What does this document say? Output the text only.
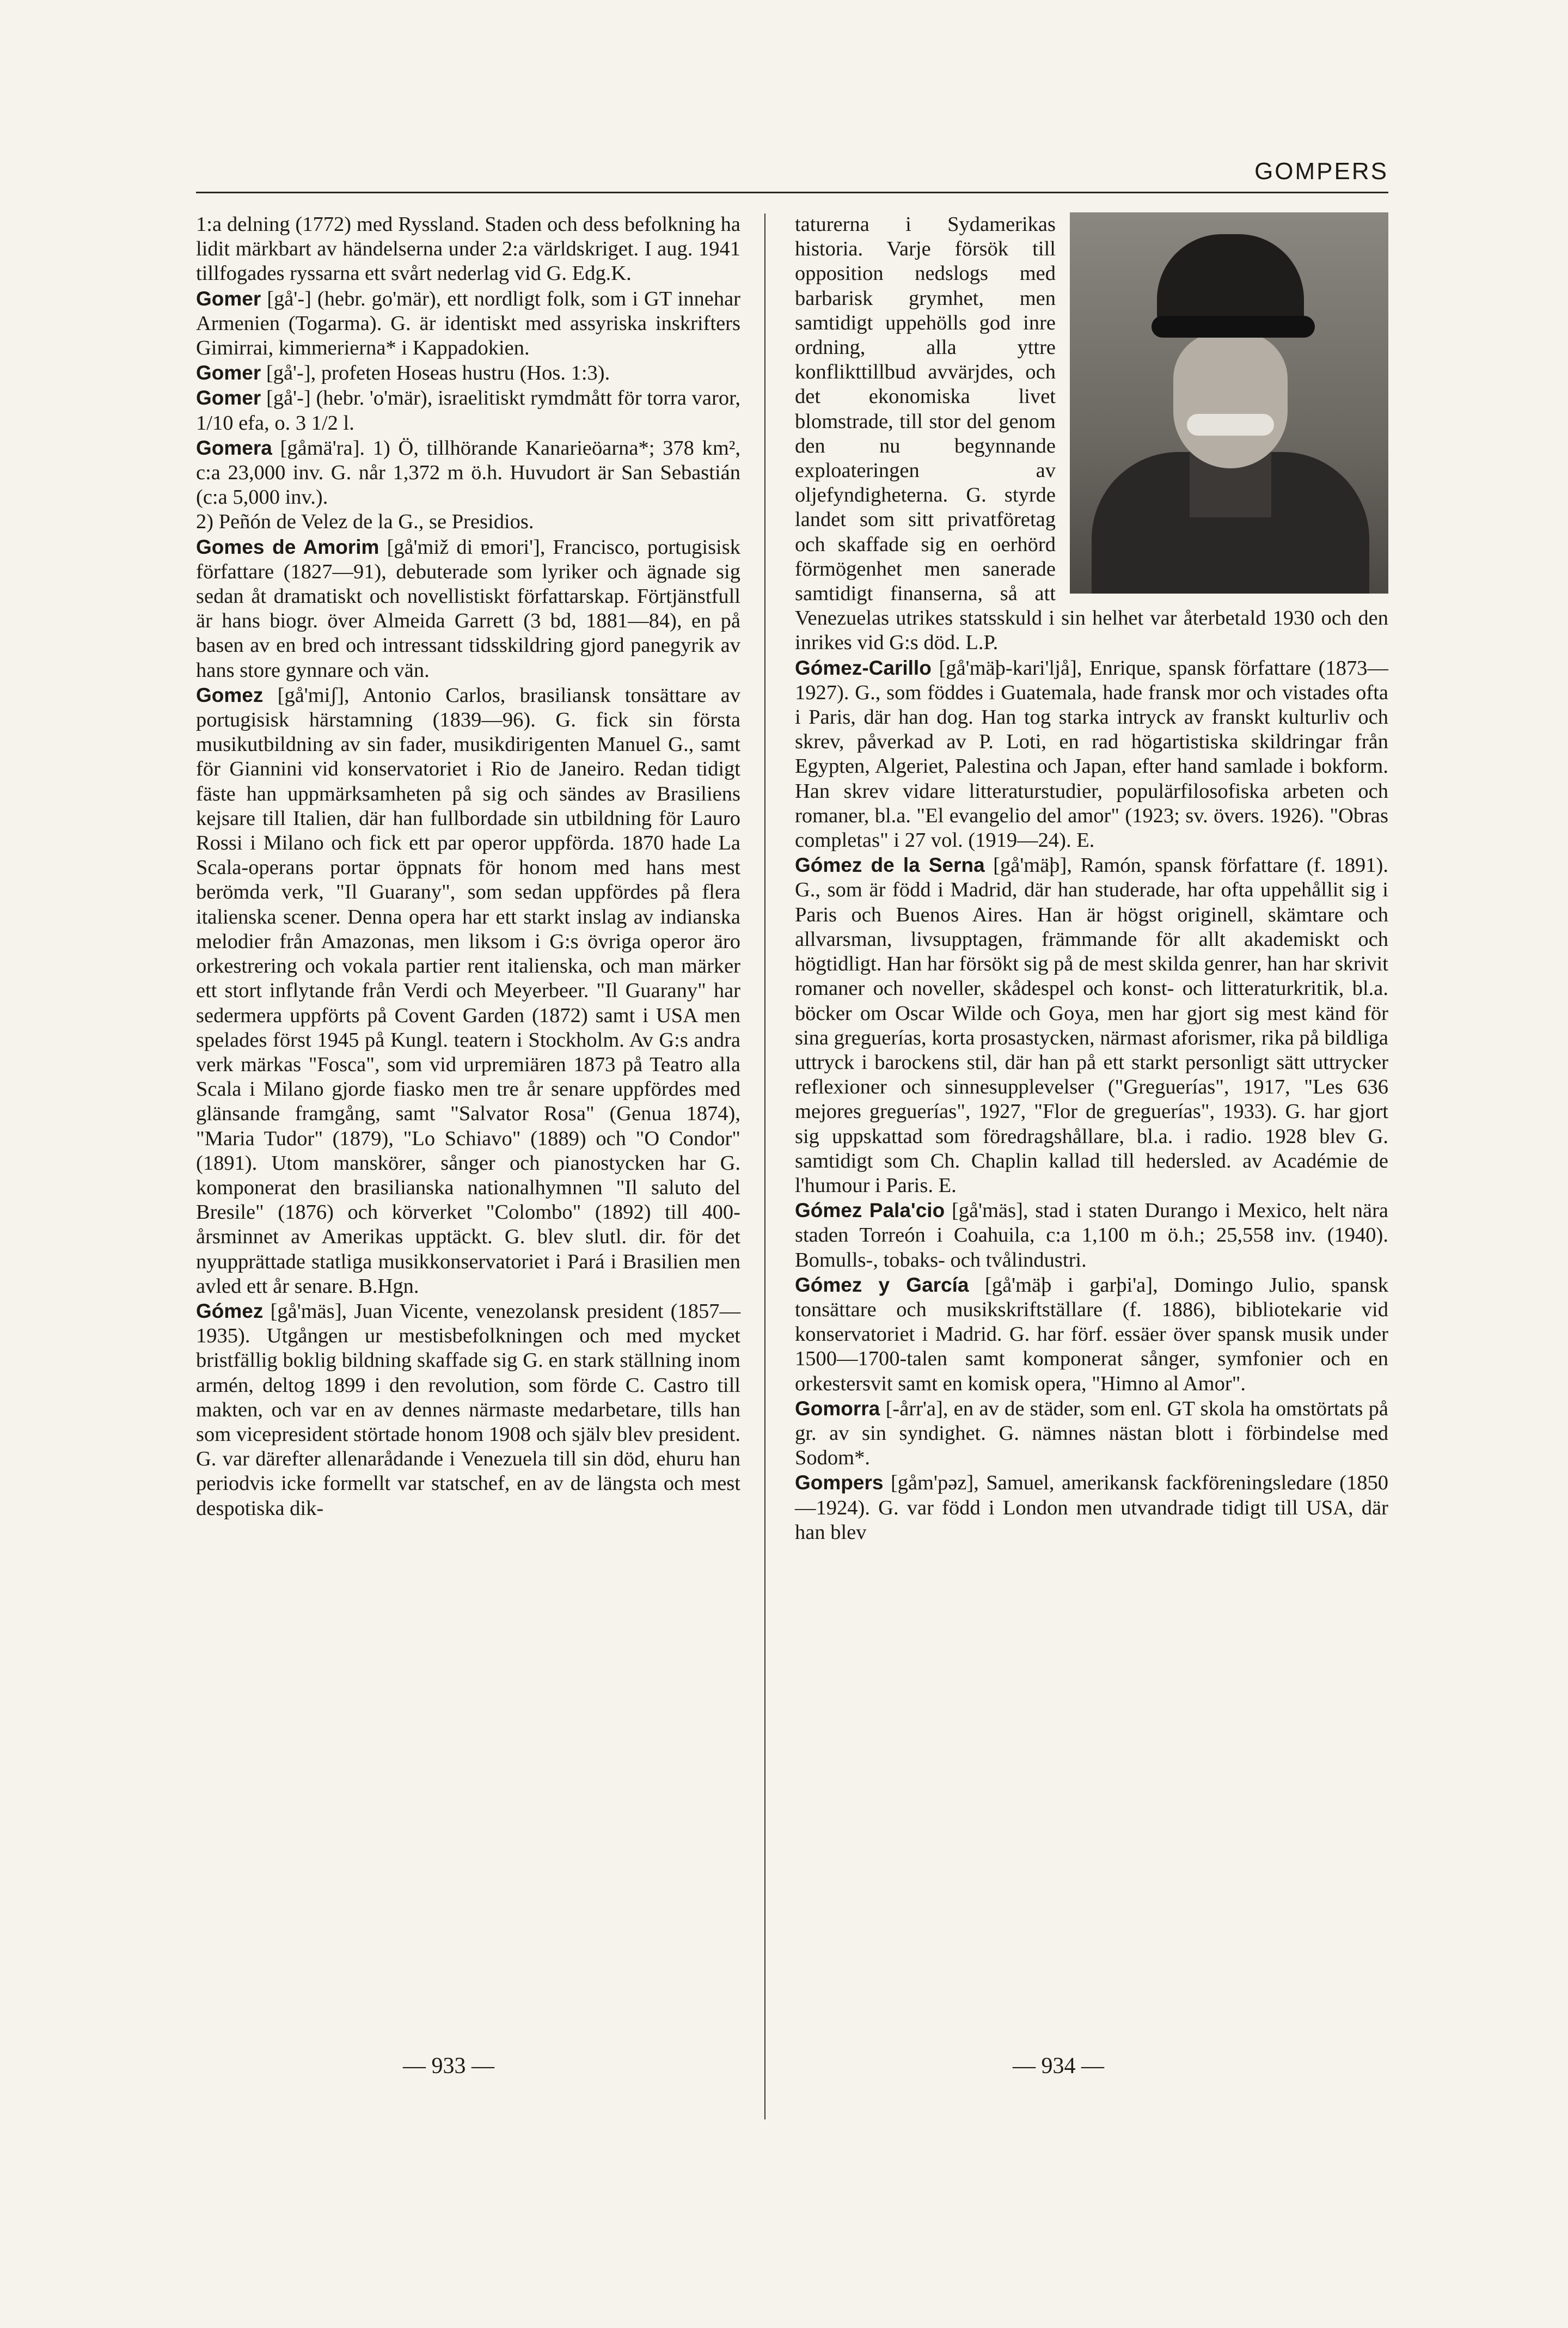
GOMPERS

1:a delning (1772) med Ryssland. Staden och dess befolkning ha lidit märkbart av händelserna under 2:a världskriget. I aug. 1941 tillfogades ryssarna ett svårt nederlag vid G. Edg.K.

Gomer [gå'-] (hebr. go'mär), ett nordligt folk, som i GT innehar Armenien (Togarma). G. är identiskt med assyriska inskrifters Gimirrai, kimmerierna* i Kappadokien.

Gomer [gå'-], profeten Hoseas hustru (Hos. 1:3).

Gomer [gå'-] (hebr. 'o'mär), israelitiskt rymdmått för torra varor, 1/10 efa, o. 3 1/2 l.

Gomera [gåmä'ra]. 1) Ö, tillhörande Kanarieöarna*; 378 km², c:a 23,000 inv. G. når 1,372 m ö.h. Huvudort är San Sebastián (c:a 5,000 inv.).

2) Peñón de Velez de la G., se Presidios.

Gomes de Amorim [gå'miž di ɐmori'], Francisco, portugisisk författare (1827—91), debuterade som lyriker och ägnade sig sedan åt dramatiskt och novellistiskt författarskap. Förtjänstfull är hans biogr. över Almeida Garrett (3 bd, 1881—84), en på basen av en bred och intressant tidsskildring gjord panegyrik av hans store gynnare och vän.

Gomez [gå'miʃ], Antonio Carlos, brasiliansk tonsättare av portugisisk härstamning (1839—96). G. fick sin första musikutbildning av sin fader, musikdirigenten Manuel G., samt för Giannini vid konservatoriet i Rio de Janeiro. Redan tidigt fäste han uppmärksamheten på sig och sändes av Brasiliens kejsare till Italien, där han fullbordade sin utbildning för Lauro Rossi i Milano och fick ett par operor uppförda. 1870 hade La Scala-operans portar öppnats för honom med hans mest berömda verk, "Il Guarany", som sedan uppfördes på flera italienska scener. Denna opera har ett starkt inslag av indianska melodier från Amazonas, men liksom i G:s övriga operor äro orkestrering och vokala partier rent italienska, och man märker ett stort inflytande från Verdi och Meyerbeer. "Il Guarany" har sedermera uppförts på Covent Garden (1872) samt i USA men spelades först 1945 på Kungl. teatern i Stockholm. Av G:s andra verk märkas "Fosca", som vid urpremiären 1873 på Teatro alla Scala i Milano gjorde fiasko men tre år senare uppfördes med glänsande framgång, samt "Salvator Rosa" (Genua 1874), "Maria Tudor" (1879), "Lo Schiavo" (1889) och "O Condor" (1891). Utom manskörer, sånger och pianostycken har G. komponerat den brasilianska nationalhymnen "Il saluto del Bresile" (1876) och körverket "Colombo" (1892) till 400-årsminnet av Amerikas upptäckt. G. blev slutl. dir. för det nyupprättade statliga musikkonservatoriet i Pará i Brasilien men avled ett år senare. B.Hgn.

Gómez [gå'mäs], Juan Vicente, venezolansk president (1857—1935). Utgången ur mestisbefolkningen och med mycket bristfällig boklig bildning skaffade sig G. en stark ställning inom armén, deltog 1899 i den revolution, som förde C. Castro till makten, och var en av dennes närmaste medarbetare, tills han som vicepresident störtade honom 1908 och själv blev president. G. var därefter allenarådande i Venezuela till sin död, ehuru han periodvis icke formellt var statschef, en av de längsta och mest despotiska dik-

taturerna i Sydamerikas historia. Varje försök till opposition nedslogs med barbarisk grymhet, men samtidigt uppehölls god inre ordning, alla yttre konflikttillbud avvärjdes, och det ekonomiska livet blomstrade, till stor del genom den nu begynnande exploateringen av oljefyndigheterna. G. styrde landet som sitt privatföretag och skaffade sig en oerhörd förmögenhet men sanerade samtidigt finanserna, så att Venezuelas utrikes statsskuld i sin helhet var återbetald 1930 och den inrikes vid G:s död. L.P.

Gómez-Carillo [gå'mäþ-kari'ljå], Enrique, spansk författare (1873—1927). G., som föddes i Guatemala, hade fransk mor och vistades ofta i Paris, där han dog. Han tog starka intryck av franskt kulturliv och skrev, påverkad av P. Loti, en rad högartistiska skildringar från Egypten, Algeriet, Palestina och Japan, efter hand samlade i bokform. Han skrev vidare litteraturstudier, populärfilosofiska arbeten och romaner, bl.a. "El evangelio del amor" (1923; sv. övers. 1926). "Obras completas" i 27 vol. (1919—24). E.

Gómez de la Serna [gå'mäþ], Ramón, spansk författare (f. 1891). G., som är född i Madrid, där han studerade, har ofta uppehållit sig i Paris och Buenos Aires. Han är högst originell, skämtare och allvarsman, livsupptagen, främmande för allt akademiskt och högtidligt. Han har försökt sig på de mest skilda genrer, han har skrivit romaner och noveller, skådespel och konst- och litteraturkritik, bl.a. böcker om Oscar Wilde och Goya, men har gjort sig mest känd för sina greguerías, korta prosastycken, närmast aforismer, rika på bildliga uttryck i barockens stil, där han på ett starkt personligt sätt uttrycker reflexioner och sinnesupplevelser ("Greguerías", 1917, "Les 636 mejores greguerías", 1927, "Flor de greguerías", 1933). G. har gjort sig uppskattad som föredragshållare, bl.a. i radio. 1928 blev G. samtidigt som Ch. Chaplin kallad till hedersled. av Académie de l'humour i Paris. E.

Gómez Pala'cio [gå'mäs], stad i staten Durango i Mexico, helt nära staden Torreón i Coahuila, c:a 1,100 m ö.h.; 25,558 inv. (1940). Bomulls-, tobaks- och tvålindustri.

Gómez y García [gå'mäþ i garþi'a], Domingo Julio, spansk tonsättare och musikskriftställare (f. 1886), bibliotekarie vid konservatoriet i Madrid. G. har förf. essäer över spansk musik under 1500—1700-talen samt komponerat sånger, symfonier och en orkestersvit samt en komisk opera, "Himno al Amor".

Gomorra [-årr'a], en av de städer, som enl. GT skola ha omstörtats på gr. av sin syndighet. G. nämnes nästan blott i förbindelse med Sodom*.

Gompers [gåm'pəz], Samuel, amerikansk fackföreningsledare (1850—1924). G. var född i London men utvandrade tidigt till USA, där han blev

— 933 —	— 934 —
